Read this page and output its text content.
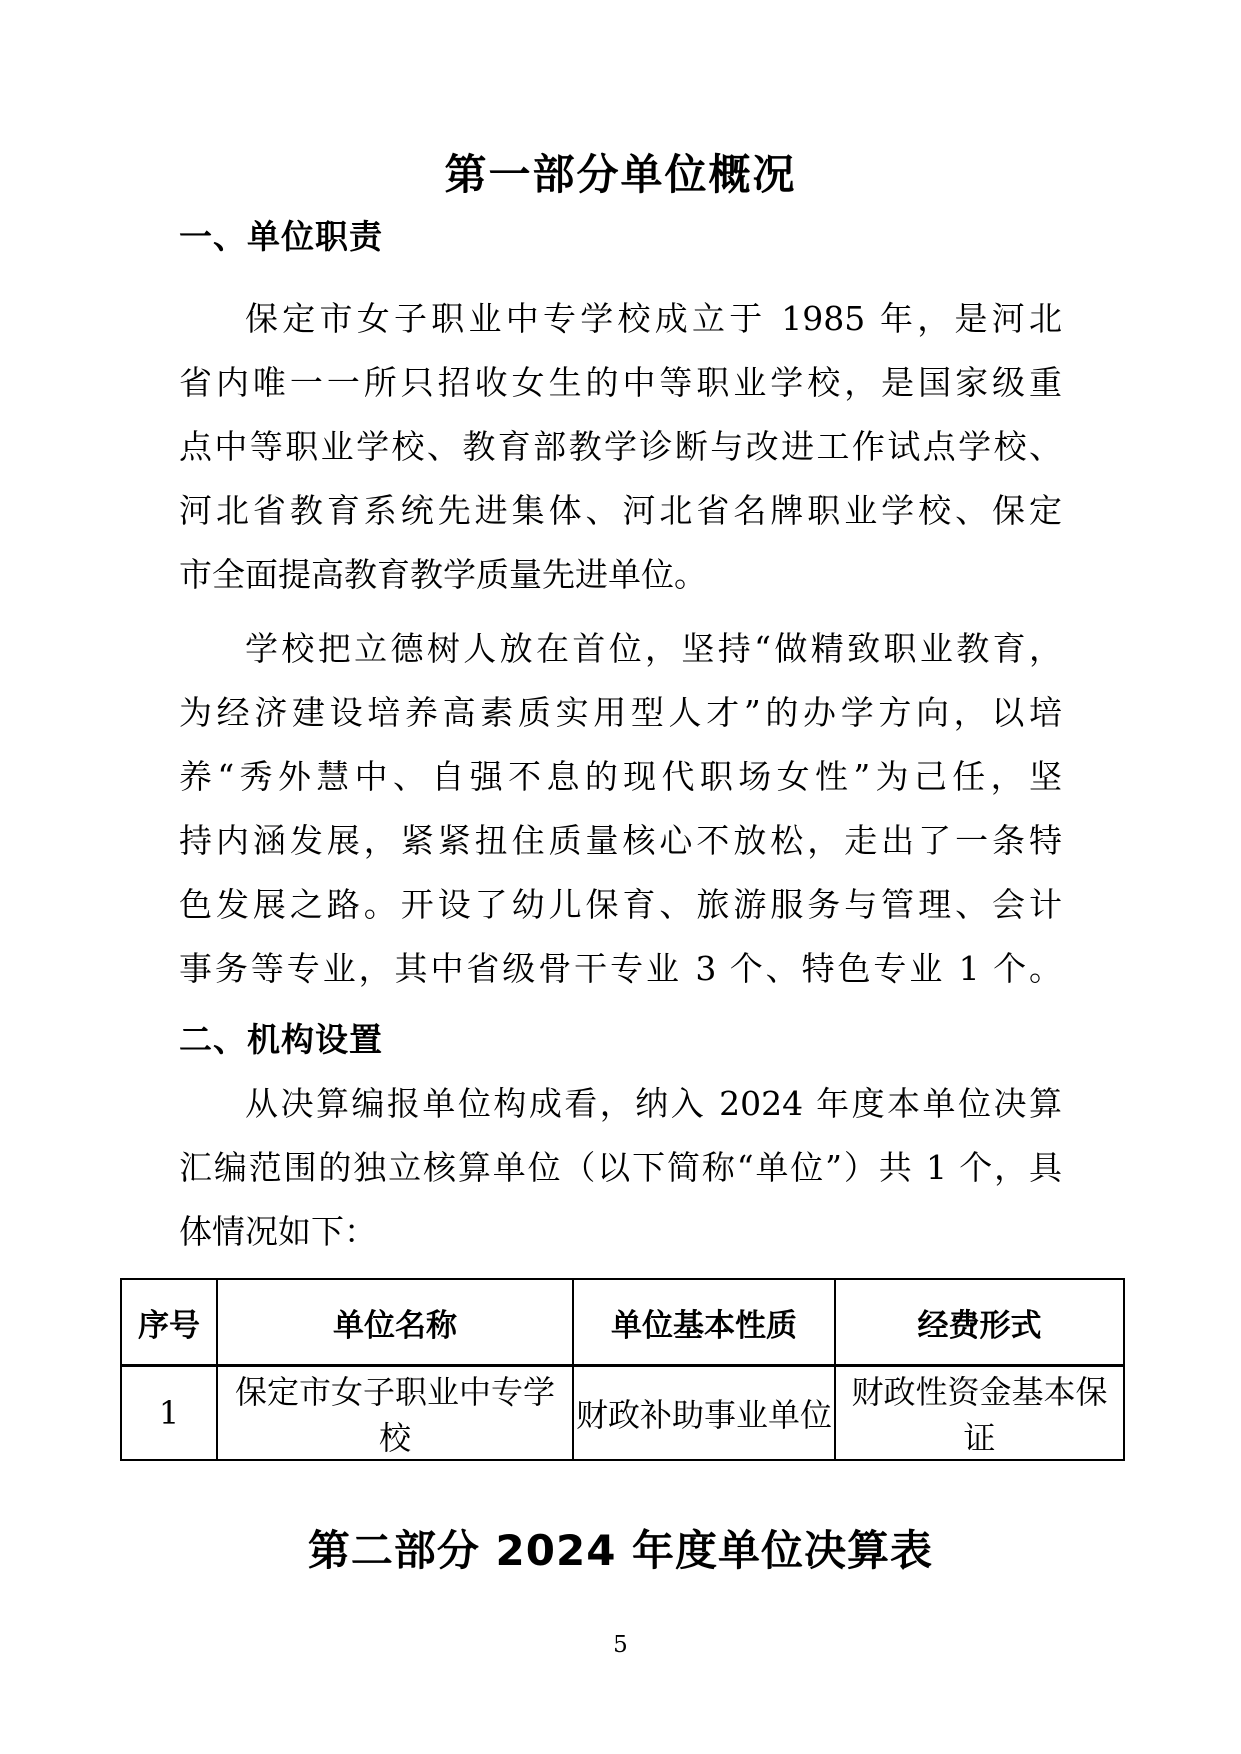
第一部分单位概况
一、单位职责
保定市女子职业中专学校成立于 1985 年，是河北
省内唯一一所只招收女生的中等职业学校，是国家级重
点中等职业学校、教育部教学诊断与改进工作试点学校、
河北省教育系统先进集体、河北省名牌职业学校、保定
市全面提高教育教学质量先进单位。
学校把立德树人放在首位，坚持“做精致职业教育，
为经济建设培养高素质实用型人才”的办学方向，以培
养“秀外慧中、自强不息的现代职场女性”为己任，坚
持内涵发展，紧紧扭住质量核心不放松，走出了一条特
色发展之路。开设了幼儿保育、旅游服务与管理、会计
事务等专业，其中省级骨干专业 3 个、特色专业 1 个。
二、机构设置
从决算编报单位构成看，纳入 2024 年度本单位决算
汇编范围的独立核算单位（以下简称“单位”）共 1 个，具
体情况如下：
序号	单位名称	单位基本性质	经费形式
1	保定市女子职业中专学校	财政补助事业单位	财政性资金基本保证
第二部分 2024 年度单位决算表
5
